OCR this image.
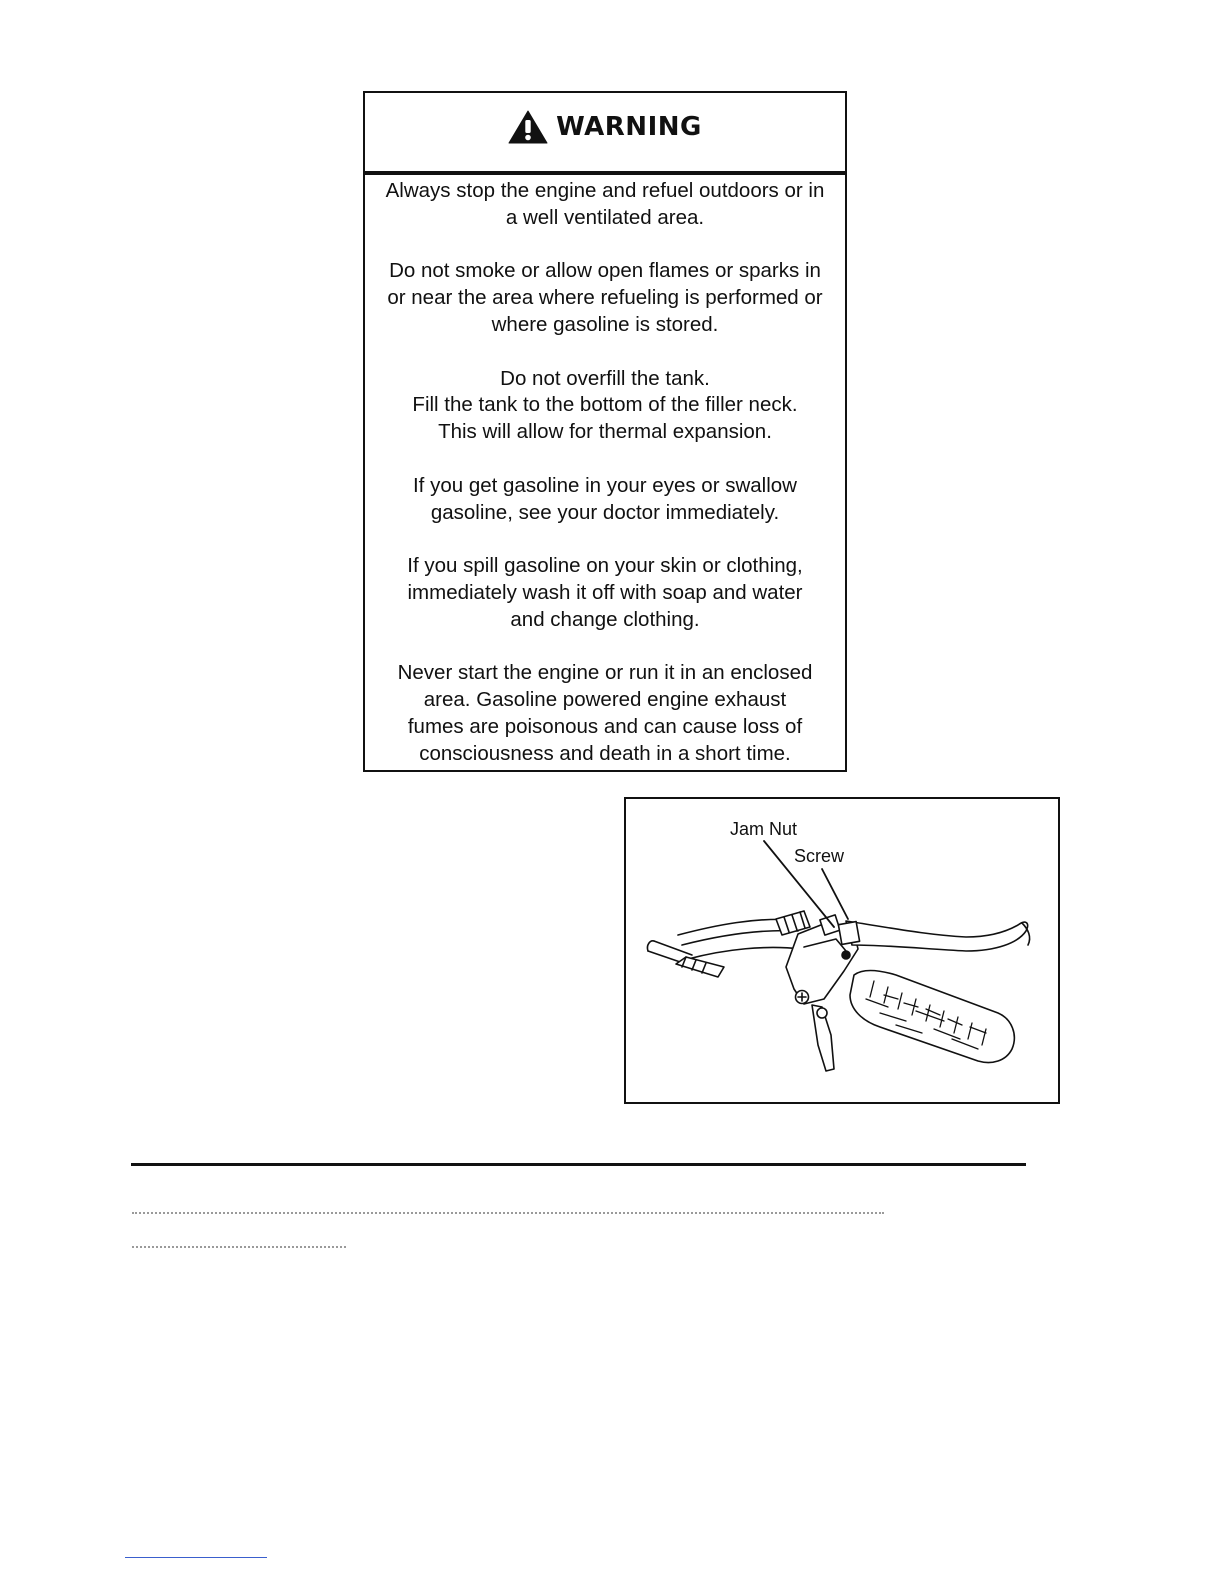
WARNING

Always stop the engine and refuel outdoors or in
a well ventilated area.

Do not smoke or allow open flames or sparks in
or near the area where refueling is performed or
where gasoline is stored.

Do not overfill the tank.
Fill the tank to the bottom of the filler neck.
This will allow for thermal expansion.

If you get gasoline in your eyes or swallow
gasoline, see your doctor immediately.

If you spill gasoline on your skin or clothing,
immediately wash it off with soap and water
and change clothing.

Never start the engine or run it in an enclosed
area. Gasoline powered engine exhaust
fumes are poisonous and can cause loss of
consciousness and death in a short time.

Jam Nut
Screw
